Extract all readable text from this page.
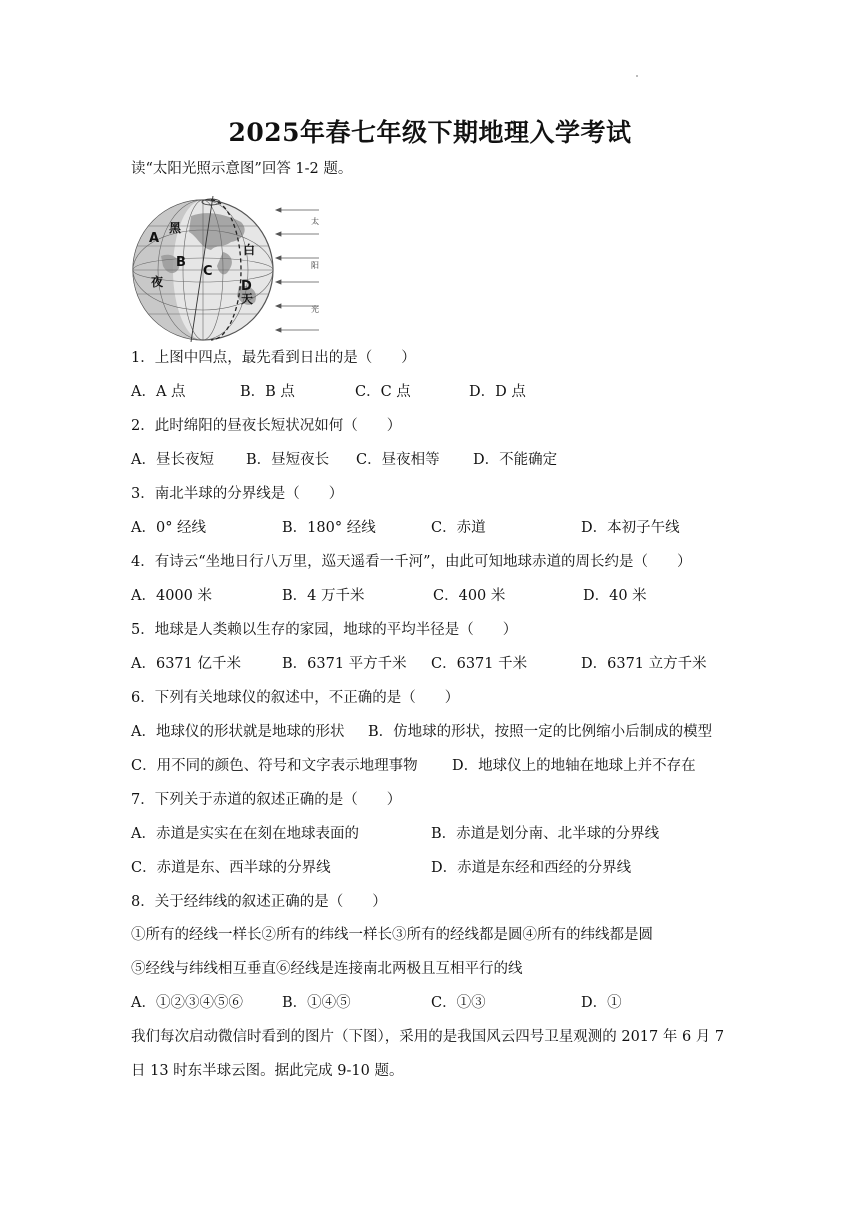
2025年春七年级下期地理入学考试
读“太阳光照示意图”回答 1-2 题。
太
阳
光
A
黑
B
C
夜
白
D
天
1．上图中四点，最先看到日出的是（　　）
A．A 点	B．B 点	C．C 点	D．D 点
2．此时绵阳的昼夜长短状况如何（　　）
A．昼长夜短 B．昼短夜长 C．昼夜相等 D．不能确定
3．南北半球的分界线是（　　）
A．0° 经线	B．180° 经线	C．赤道	D．本初子午线
4．有诗云“坐地日行八万里，巡天遥看一千河”，由此可知地球赤道的周长约是（　　）
A．4000 米	B．4 万千米	C．400 米	D．40 米
5．地球是人类赖以生存的家园，地球的平均半径是（　　）
A．6371 亿千米	B．6371 平方千米 C．6371 千米	D．6371 立方千米
6．下列有关地球仪的叙述中，不正确的是（　　）
A．地球仪的形状就是地球的形状 B．仿地球的形状，按照一定的比例缩小后制成的模型
C．用不同的颜色、符号和文字表示地理事物 D．地球仪上的地轴在地球上并不存在
7．下列关于赤道的叙述正确的是（　　）
A．赤道是实实在在刻在地球表面的	B．赤道是划分南、北半球的分界线
C．赤道是东、西半球的分界线	D．赤道是东经和西经的分界线
8．关于经纬线的叙述正确的是（　　）
①所有的经线一样长②所有的纬线一样长③所有的经线都是圆④所有的纬线都是圆
⑤经线与纬线相互垂直⑥经线是连接南北两极且互相平行的线
A．①②③④⑤⑥	B．①④⑤	C．①③	D．①
我们每次启动微信时看到的图片（下图），采用的是我国风云四号卫星观测的 2017 年 6 月 7
日 13 时东半球云图。据此完成 9-10 题。
